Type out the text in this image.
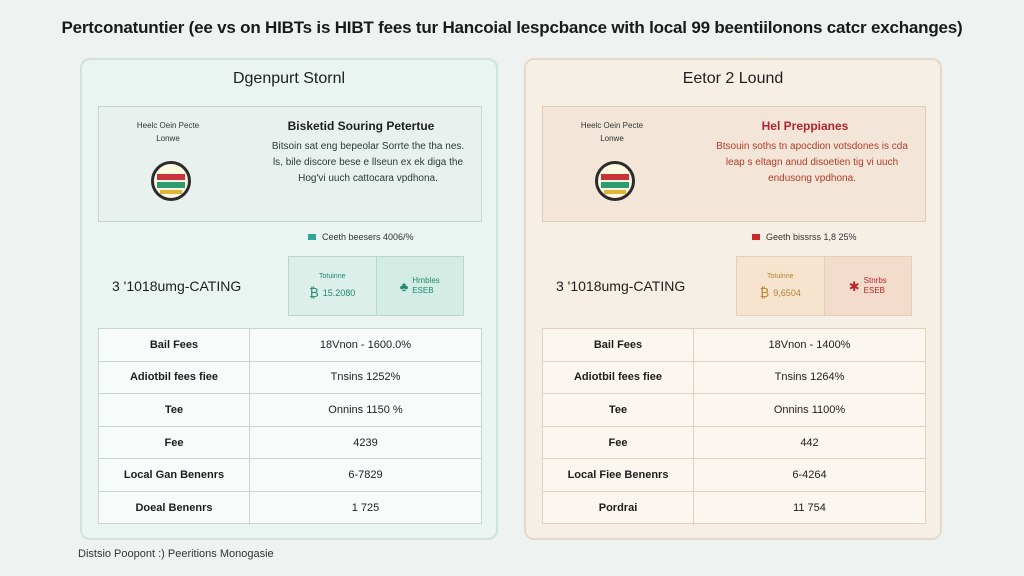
Pertconatuntier (ee vs on HIBTs is HIBT fees tur Hancoial lespcbance with local 99 beentiilonons catcr exchanges)
Dgenpurt Stornl
Heelc Oein Pecte
Lonwe
Bisketid Souring Petertue
Bitsoin sat eng bepeolar Sorrte the tha nes. ls, bile discore bese e llseun ex ek diga the Hog'vi uuch cattocara vpdhona.
Ceeth beesers 4006/%
3 '1018umg-CATING
Totuinne
₿ 15.2080	♣ Hrnbles
ESEB
Bail Fees	18Vnon - 1600.0%
Adiotbil fees fiee	Tnsins 1252%
Tee	Onnins 1150 %
Fee	4239
Local Gan Benenrs	6-7829
Doeal Benenrs	1 725
Eetor 2 Lound
Heelc Oein Pecte
Lonwe
Hel Preppianes
Btsouin soths tn apocdion votsdones is cda leap s eltagn anud disoetien tig vi uuch endusong vpdhona.
Geeth bissrss 1,8 25%
3 '1018umg-CATING
Totuinne
₿ 9,6504	✱ Stnrbs
ESEB
Bail Fees	18Vnon - 1400%
Adiotbil fees fiee	Tnsins 1264%
Tee	Onnins 1100%
Fee	442
Local Fiee Benenrs	6-4264
Pordrai	11 754
Distsio Poopont :) Peeritions Monogasie
